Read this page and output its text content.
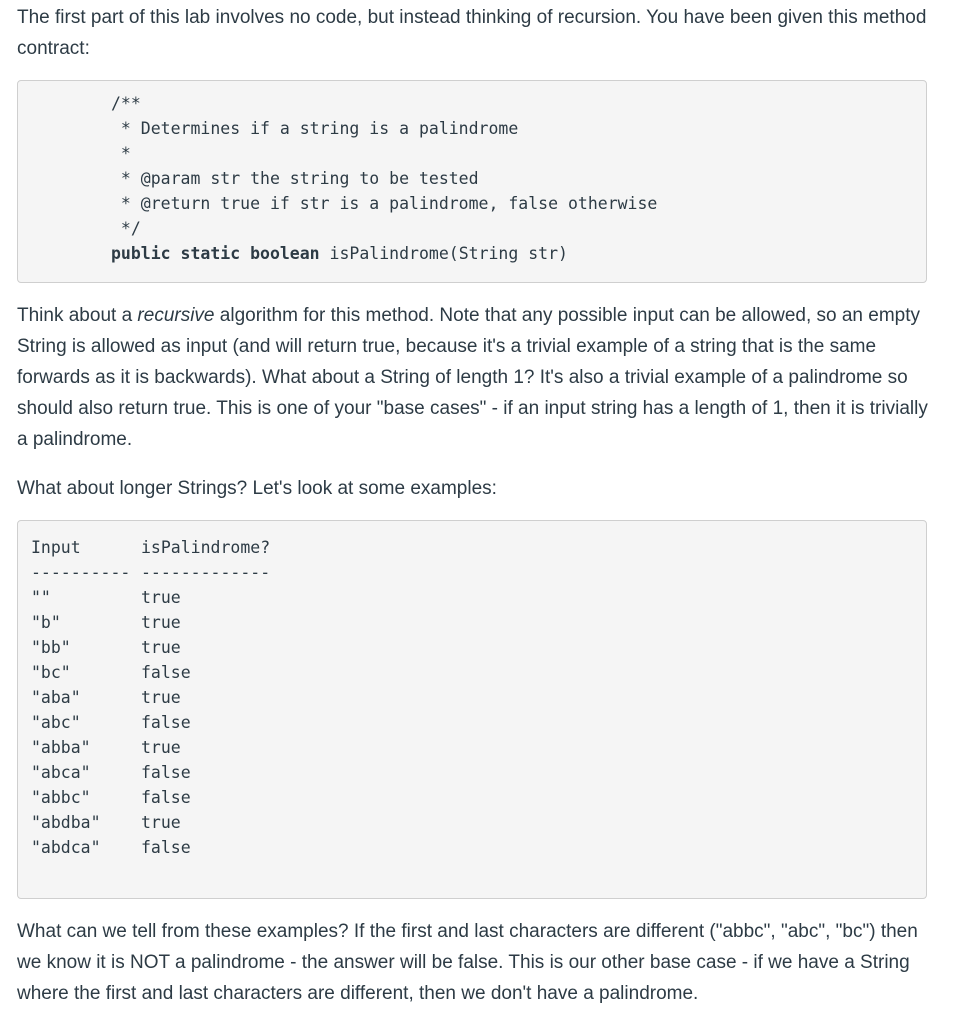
The first part of this lab involves no code, but instead thinking of recursion. You have been given this method contract:

/**
* Determines if a string is a palindrome
*
* @param str the string to be tested
* @return true if str is a palindrome, false otherwise
*/
public static boolean isPalindrome(String str)

Think about a recursive algorithm for this method. Note that any possible input can be allowed, so an empty String is allowed as input (and will return true, because it's a trivial example of a string that is the same forwards as it is backwards). What about a String of length 1? It's also a trivial example of a palindrome so should also return true. This is one of your "base cases" - if an input string has a length of 1, then it is trivially a palindrome.

What about longer Strings? Let's look at some examples:

Input	isPalindrome?
---------- -------------
""	true
"b"	true
"bb"	true
"bc"	false
"aba"	true
"abc"	false
"abba"	true
"abca"	false
"abbc"	false
"abdba" true
"abdca" false

What can we tell from these examples? If the first and last characters are different ("abbc", "abc", "bc") then we know it is NOT a palindrome - the answer will be false. This is our other base case - if we have a String where the first and last characters are different, then we don't have a palindrome.
